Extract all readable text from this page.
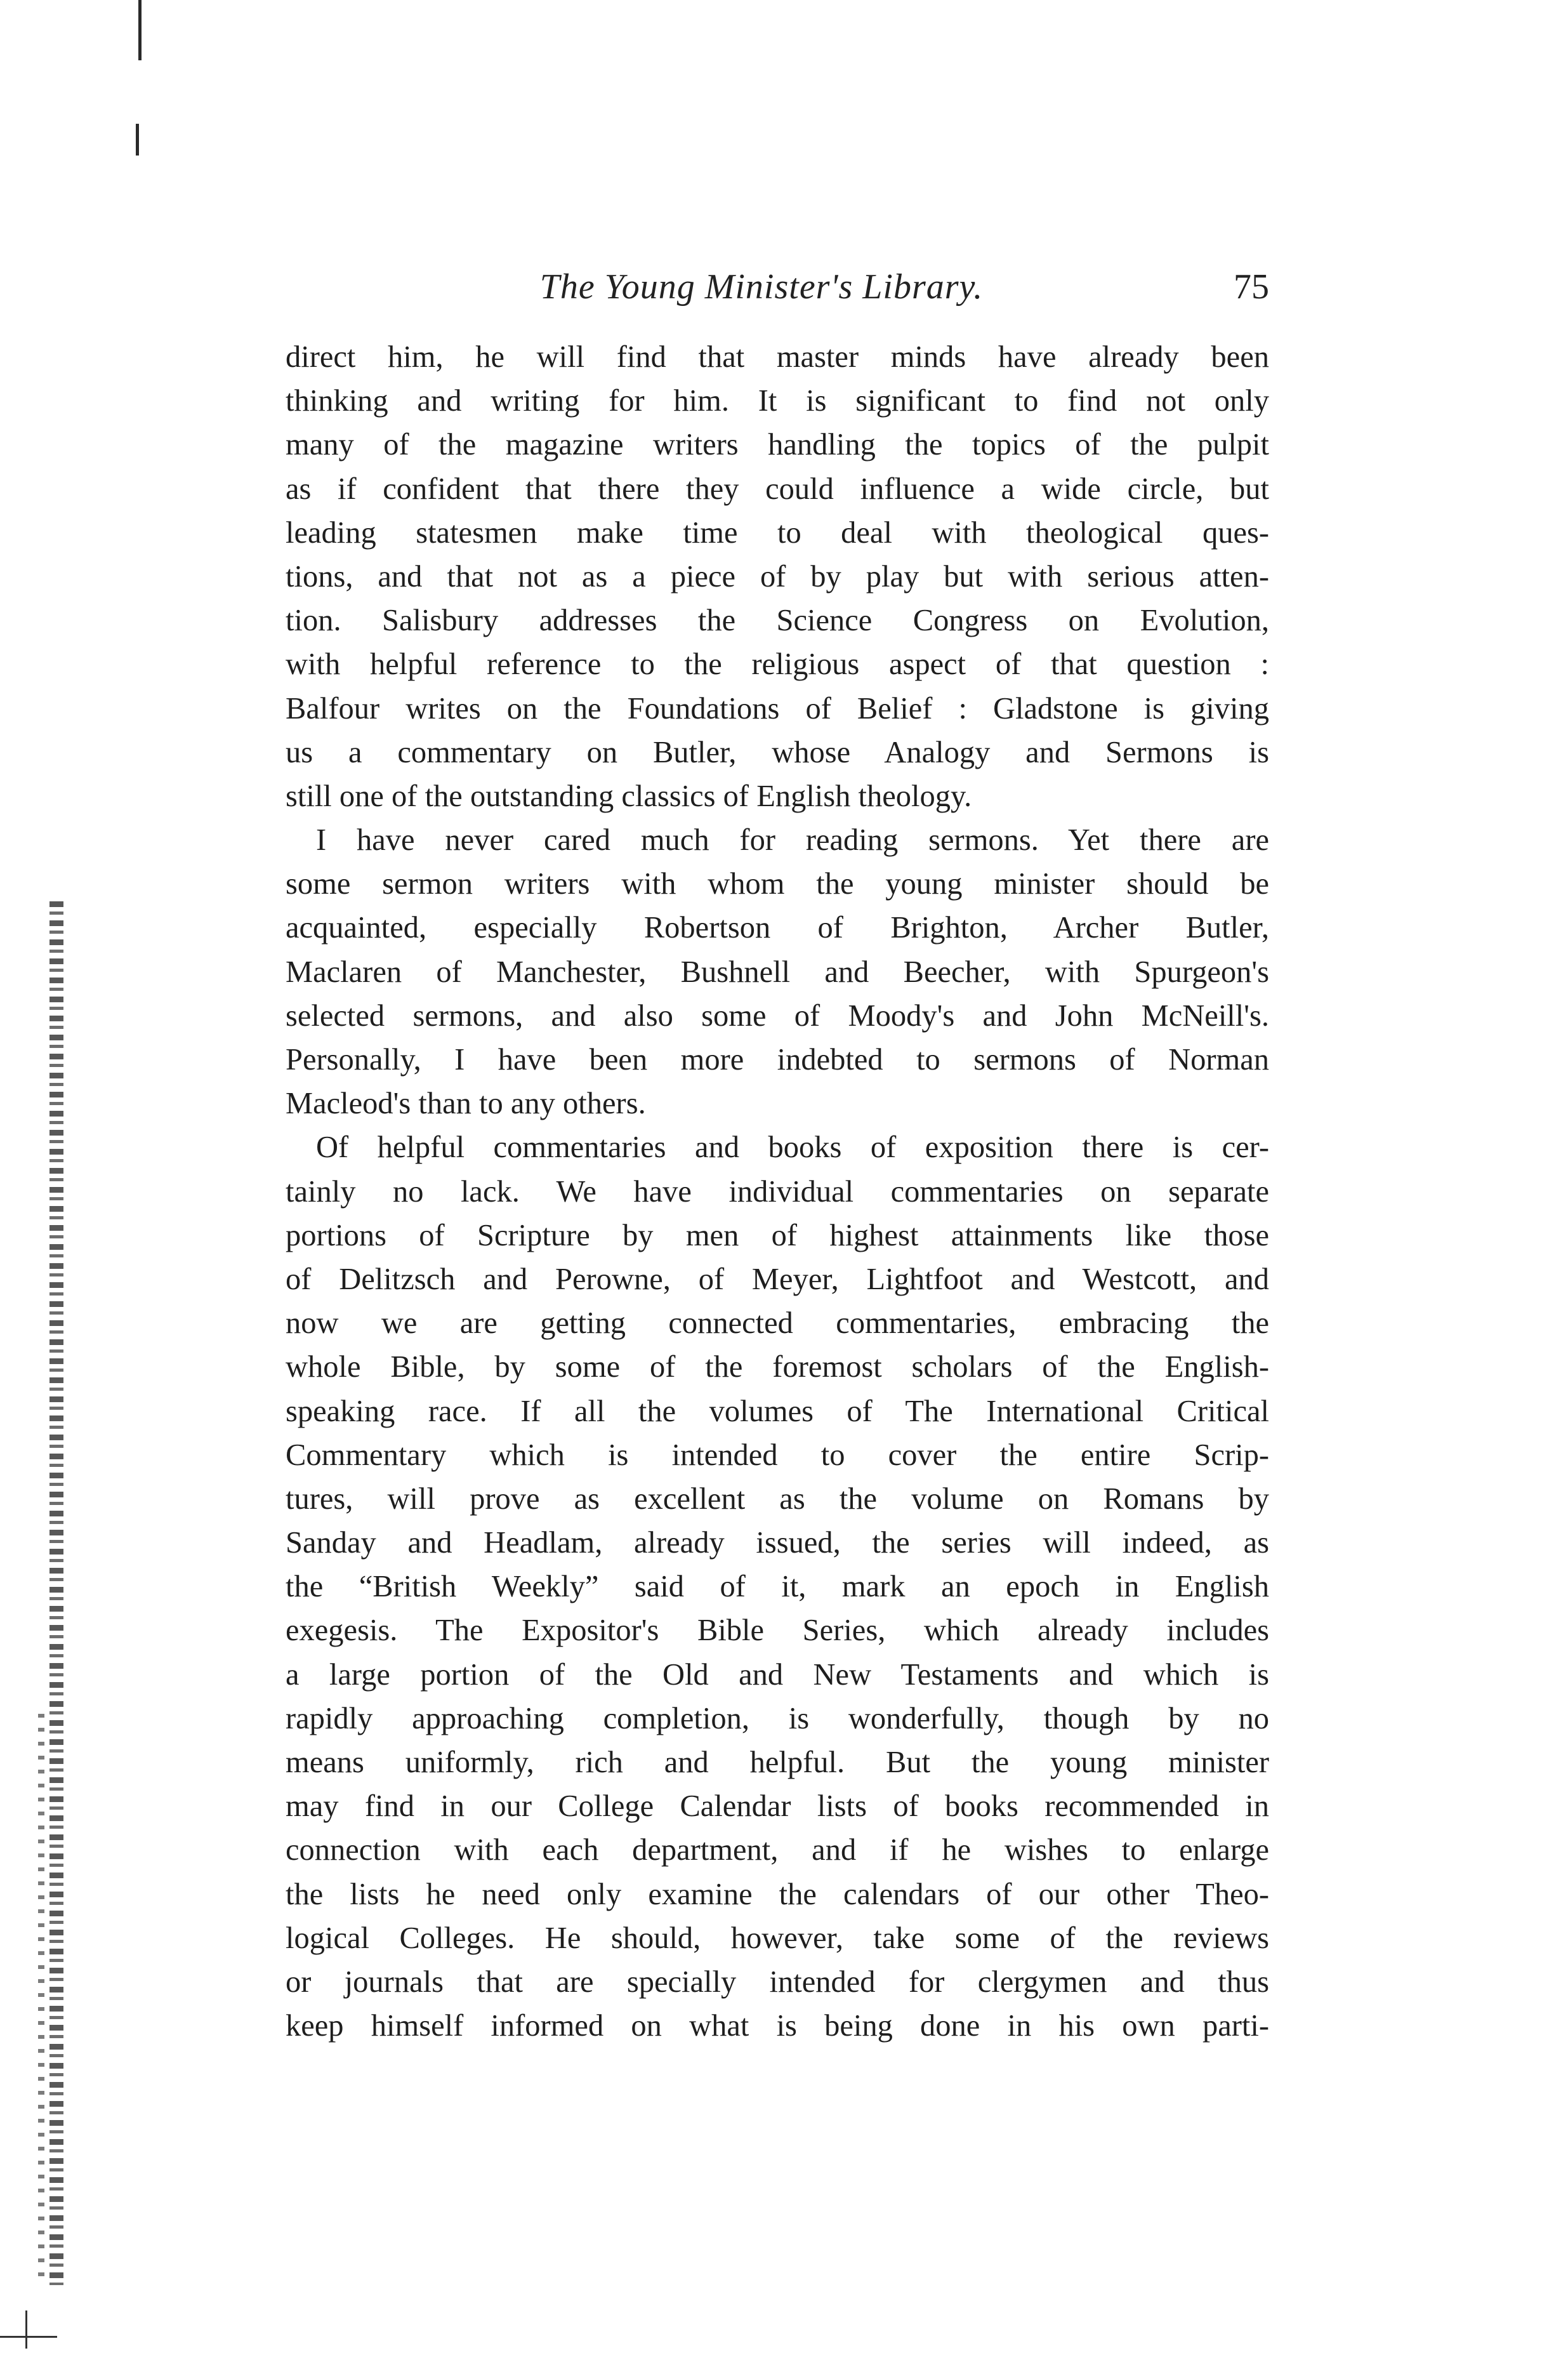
The Young Minister's Library.	75
direct him, he will find that master minds have already been
thinking and writing for him. It is significant to find not only
many of the magazine writers handling the topics of the pulpit
as if confident that there they could influence a wide circle, but
leading statesmen make time to deal with theological ques-
tions, and that not as a piece of by play but with serious atten-
tion. Salisbury addresses the Science Congress on Evolution,
with helpful reference to the religious aspect of that question :
Balfour writes on the Foundations of Belief : Gladstone is giving
us a commentary on Butler, whose Analogy and Sermons is
still one of the outstanding classics of English theology.
I have never cared much for reading sermons. Yet there are
some sermon writers with whom the young minister should be
acquainted, especially Robertson of Brighton, Archer Butler,
Maclaren of Manchester, Bushnell and Beecher, with Spurgeon's
selected sermons, and also some of Moody's and John McNeill's.
Personally, I have been more indebted to sermons of Norman
Macleod's than to any others.
Of helpful commentaries and books of exposition there is cer-
tainly no lack. We have individual commentaries on separate
portions of Scripture by men of highest attainments like those
of Delitzsch and Perowne, of Meyer, Lightfoot and Westcott, and
now we are getting connected commentaries, embracing the
whole Bible, by some of the foremost scholars of the English-
speaking race. If all the volumes of The International Critical
Commentary which is intended to cover the entire Scrip-
tures, will prove as excellent as the volume on Romans by
Sanday and Headlam, already issued, the series will indeed, as
the “British Weekly” said of it, mark an epoch in English
exegesis. The Expositor's Bible Series, which already includes
a large portion of the Old and New Testaments and which is
rapidly approaching completion, is wonderfully, though by no
means uniformly, rich and helpful. But the young minister
may find in our College Calendar lists of books recommended in
connection with each department, and if he wishes to enlarge
the lists he need only examine the calendars of our other Theo-
logical Colleges. He should, however, take some of the reviews
or journals that are specially intended for clergymen and thus
keep himself informed on what is being done in his own parti-
